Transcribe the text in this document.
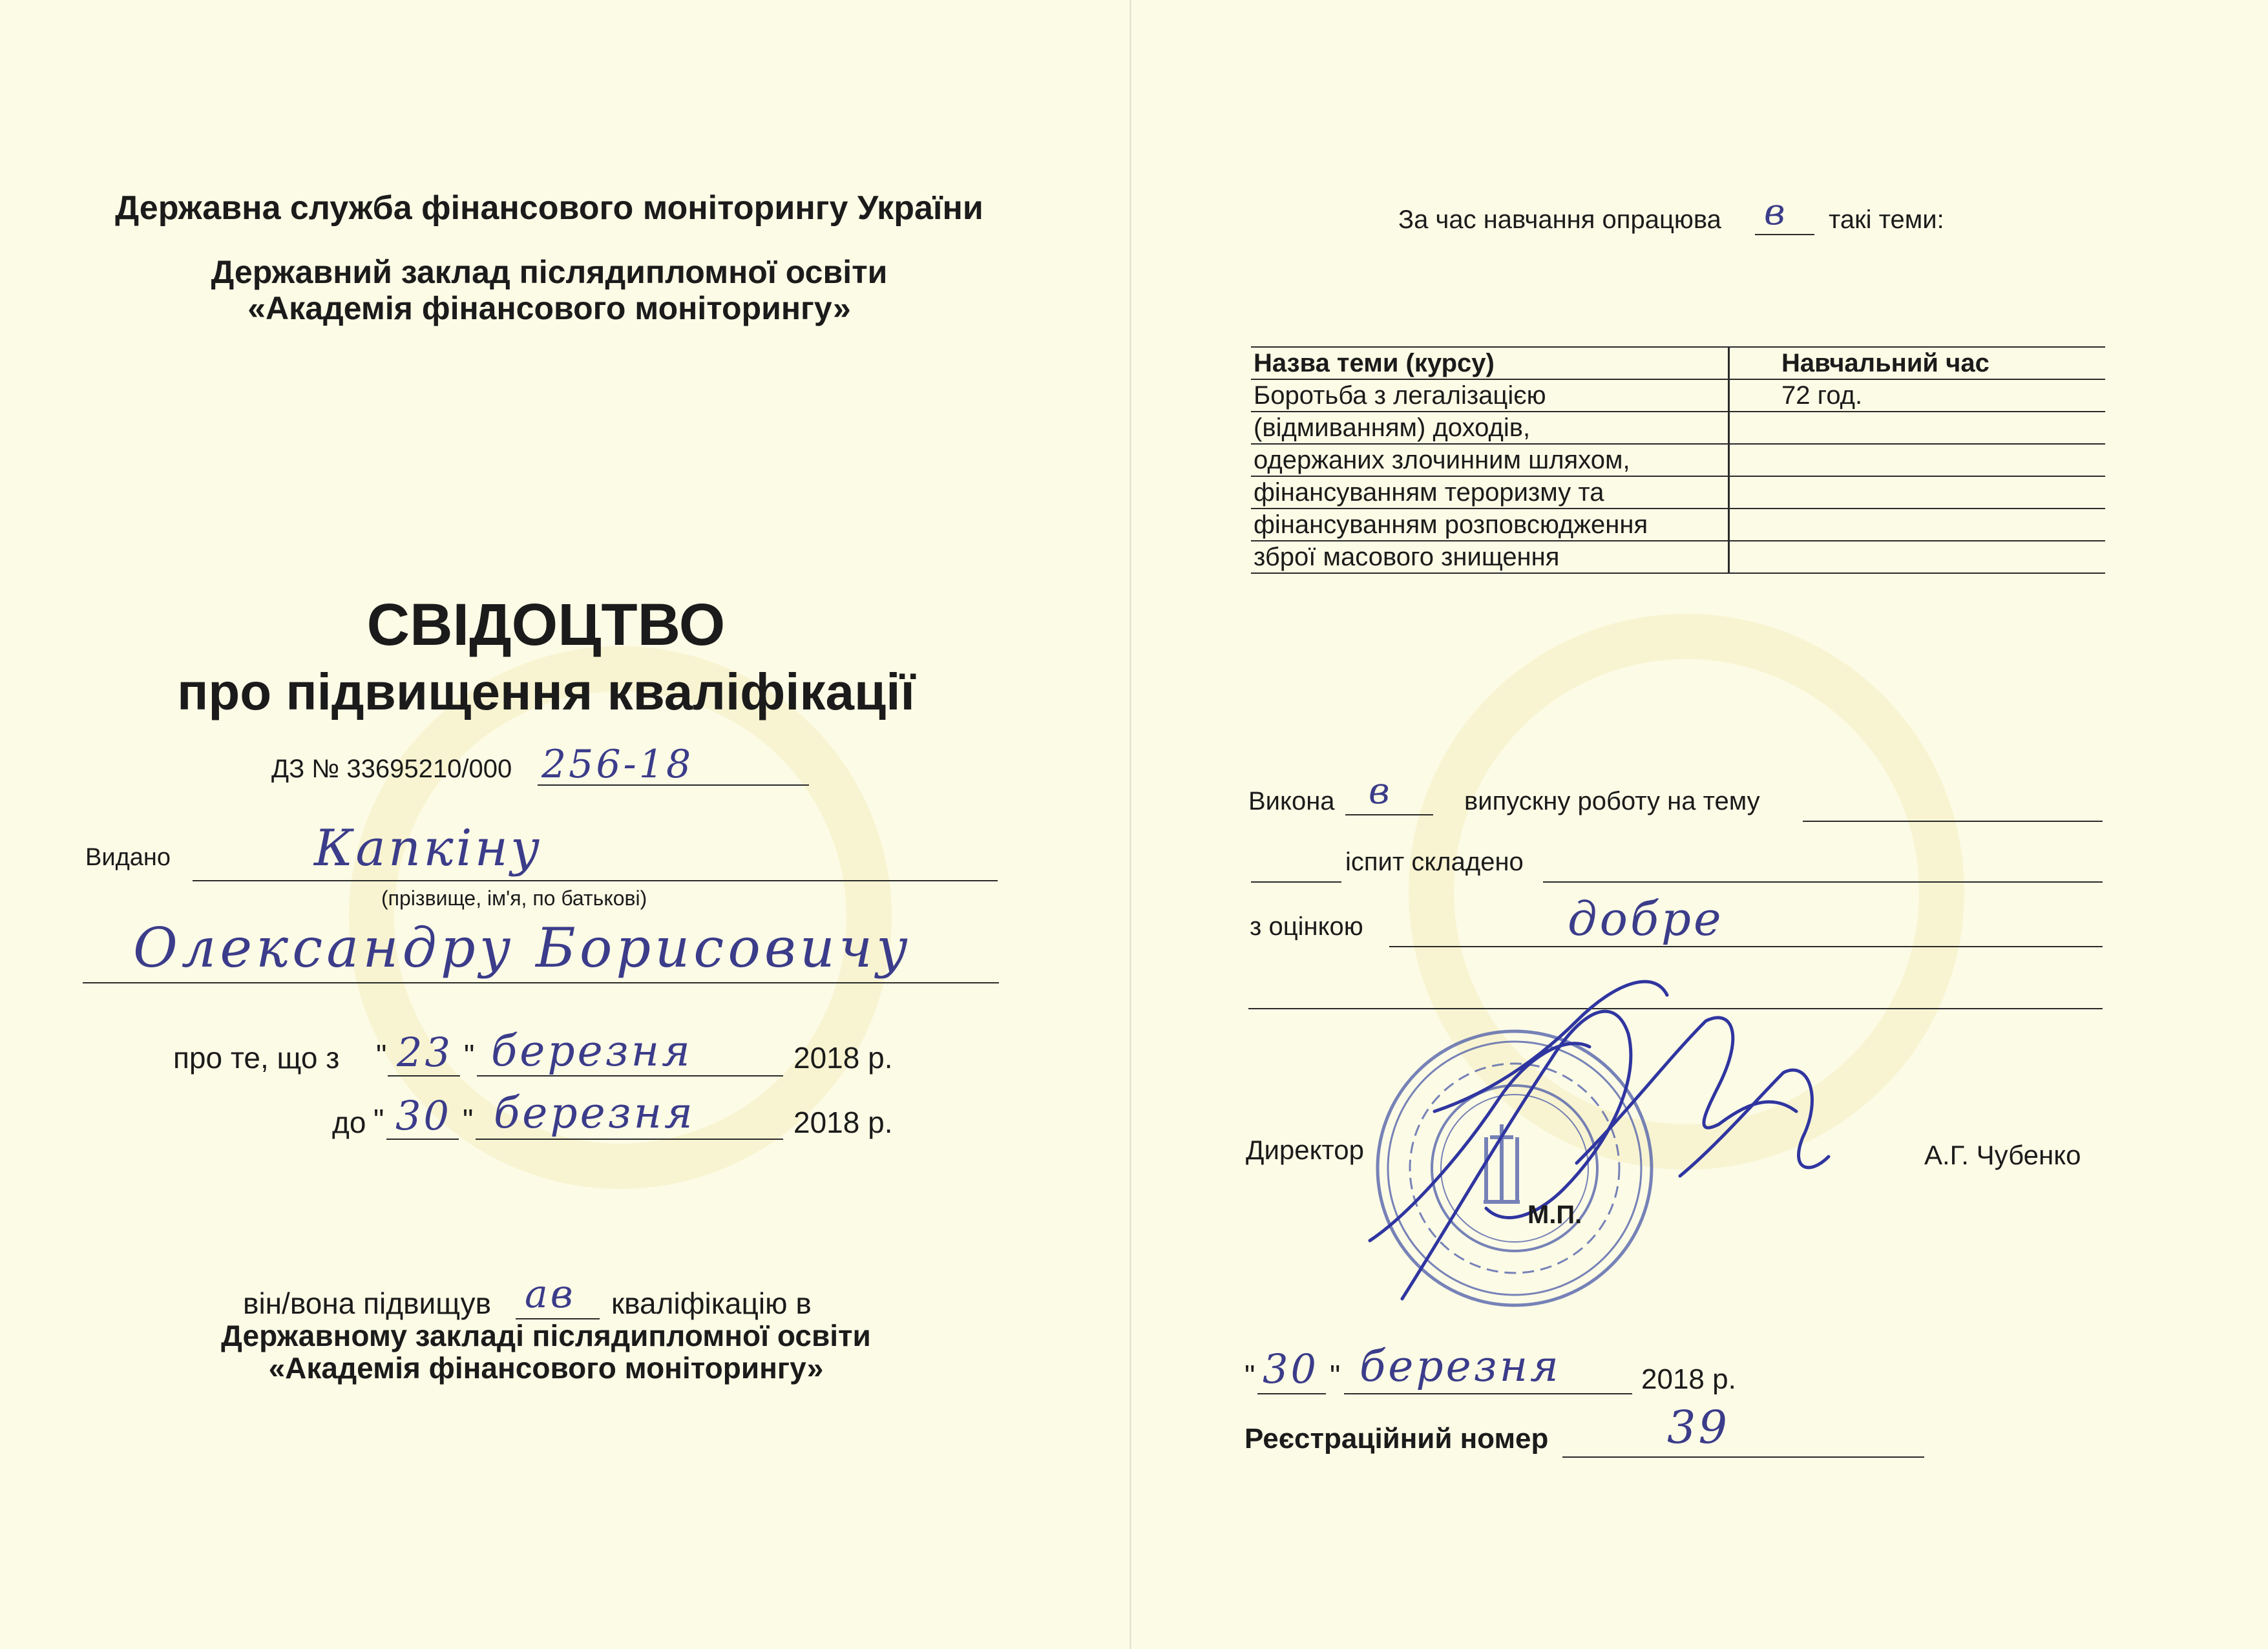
Державна служба фінансового моніторингу України
Державний заклад післядипломної освіти
«Академія фінансового моніторингу»
СВІДОЦТВО
про підвищення кваліфікації
ДЗ № 33695210/000 256-18
Видано	Капкіну
(прізвище, ім'я, по батькові)
Олександру Борисовичу
про те, що з " 23 " березня	2018 р.
до " 30 " березня	2018 р.
він/вона підвищув ав кваліфікацію в
Державному закладі післядипломної освіти
«Академія фінансового моніторингу»
За час навчання опрацюва в такі теми:
Назва теми (курсу)	Навчальний час
Боротьба з легалізацією	72 год.
(відмиванням) доходів,	
одержаних злочинним шляхом,	
фінансуванням тероризму та	
фінансуванням розповсюдження	
зброї масового знищення	
Викона в	випускну роботу на тему
іспит складено
з оцінкою	добре
Директор	А.Г. Чубенко
М.П.
" 30 " березня	2018 р.
Реєстраційний номер	39
